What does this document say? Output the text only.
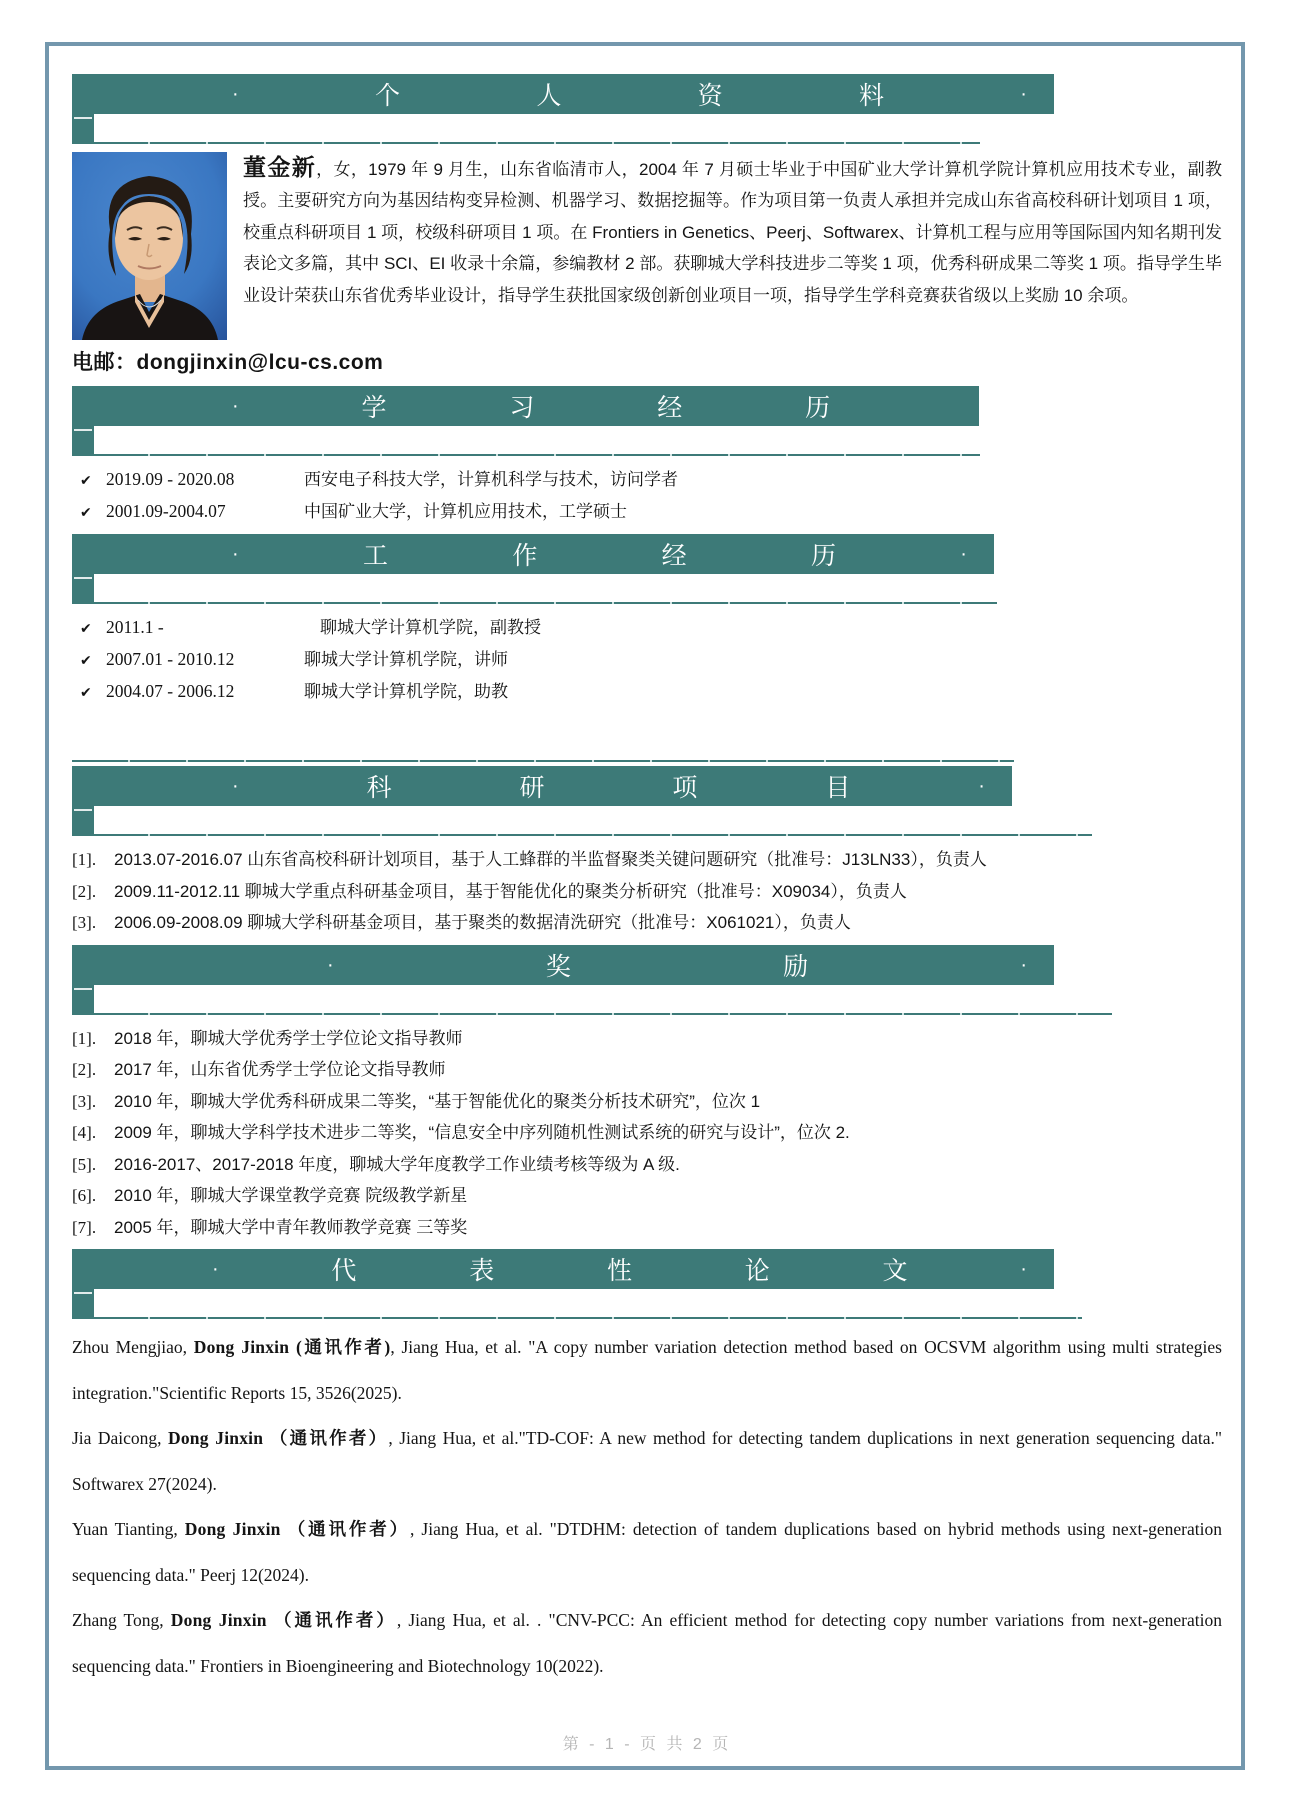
·	个	人	资	料	·
董金新，女，1979 年 9 月生，山东省临清市人，2004 年 7 月硕士毕业于中国矿业大学计算机学院计算机应用技术专业，副教授。主要研究方向为基因结构变异检测、机器学习、数据挖掘等。作为项目第一负责人承担并完成山东省高校科研计划项目 1 项，校重点科研项目 1 项，校级科研项目 1 项。在 Frontiers in Genetics、Peerj、Softwarex、计算机工程与应用等国际国内知名期刊发表论文多篇，其中 SCI、EI 收录十余篇，参编教材 2 部。获聊城大学科技进步二等奖 1 项，优秀科研成果二等奖 1 项。指导学生毕业设计荣获山东省优秀毕业设计，指导学生获批国家级创新创业项目一项，指导学生学科竞赛获省级以上奖励 10 余项。
电邮：dongjinxin@lcu-cs.com
·	学	习	经	历
✔ 2019.09 - 2020.08	西安电子科技大学，计算机科学与技术，访问学者
✔ 2001.09-2004.07	中国矿业大学，计算机应用技术，工学硕士
·	工	作	经	历	·
✔ 2011.1 -	聊城大学计算机学院，副教授
✔ 2007.01 - 2010.12	聊城大学计算机学院，讲师
✔ 2004.07 - 2006.12	聊城大学计算机学院，助教
·	科	研	项	目	·
[1].	2013.07-2016.07 山东省高校科研计划项目，基于人工蜂群的半监督聚类关键问题研究（批准号：J13LN33），负责人
[2].	2009.11-2012.11 聊城大学重点科研基金项目，基于智能优化的聚类分析研究（批准号：X09034），负责人
[3].	2006.09-2008.09 聊城大学科研基金项目，基于聚类的数据清洗研究（批准号：X061021），负责人
·	奖	励	·
[1].	2018 年，聊城大学优秀学士学位论文指导教师
[2].	2017 年，山东省优秀学士学位论文指导教师
[3].	2010 年，聊城大学优秀科研成果二等奖，“基于智能优化的聚类分析技术研究”，位次 1
[4].	2009 年，聊城大学科学技术进步二等奖，“信息安全中序列随机性测试系统的研究与设计”，位次 2.
[5].	2016-2017、2017-2018 年度，聊城大学年度教学工作业绩考核等级为 A 级.
[6].	2010 年，聊城大学课堂教学竞赛 院级教学新星
[7].	2005 年，聊城大学中青年教师教学竞赛 三等奖
·	代	表	性	论	文	·

Zhou Mengjiao, Dong Jinxin (通讯作者), Jiang Hua, et al. "A copy number variation detection method based on OCSVM algorithm using multi strategies integration."Scientific Reports 15, 3526(2025).

Jia Daicong, Dong Jinxin （通讯作者）, Jiang Hua, et al."TD-COF: A new method for detecting tandem duplications in next generation sequencing data." Softwarex 27(2024).

Yuan Tianting, Dong Jinxin （通讯作者）, Jiang Hua, et al. "DTDHM: detection of tandem duplications based on hybrid methods using next-generation sequencing data." Peerj 12(2024).

Zhang Tong, Dong Jinxin （通讯作者）, Jiang Hua, et al. . "CNV-PCC: An efficient method for detecting copy number variations from next-generation sequencing data." Frontiers in Bioengineering and Biotechnology 10(2022).

第 - 1 - 页 共 2 页
